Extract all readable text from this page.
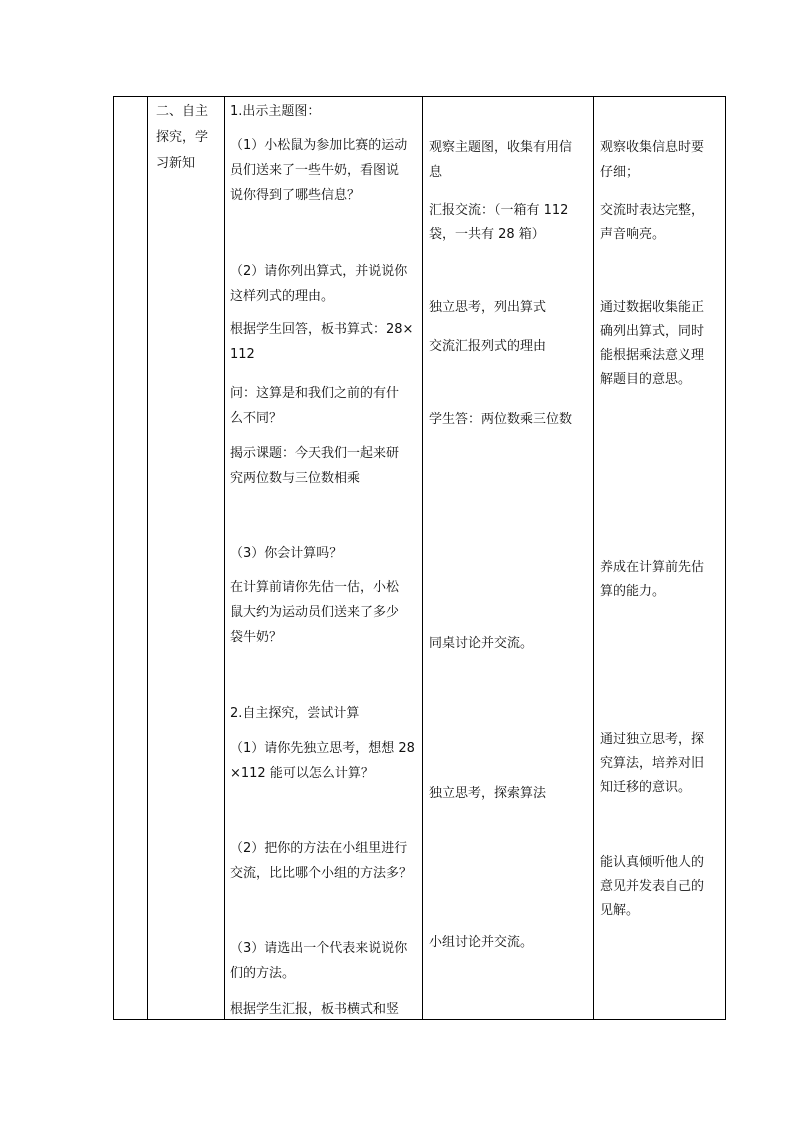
二、自主
探究，学
习新知
1.出示主题图：
（1）小松鼠为参加比赛的运动
员们送来了一些牛奶，看图说
说你得到了哪些信息？
（2）请你列出算式，并说说你
这样列式的理由。
根据学生回答，板书算式：28×
112
问：这算是和我们之前的有什
么不同？
揭示课题：今天我们一起来研
究两位数与三位数相乘
（3）你会计算吗？
在计算前请你先估一估，小松
鼠大约为运动员们送来了多少
袋牛奶？
2.自主探究，尝试计算
（1）请你先独立思考，想想 28
×112 能可以怎么计算？
（2）把你的方法在小组里进行
交流，比比哪个小组的方法多？
（3）请选出一个代表来说说你
们的方法。
根据学生汇报，板书横式和竖
观察主题图，收集有用信
息
汇报交流：（一箱有 112
袋，一共有 28 箱）
独立思考，列出算式
交流汇报列式的理由
学生答：两位数乘三位数
同桌讨论并交流。
独立思考，探索算法
小组讨论并交流。
观察收集信息时要
仔细；
交流时表达完整，
声音响亮。
通过数据收集能正
确列出算式，同时
能根据乘法意义理
解题目的意思。
养成在计算前先估
算的能力。
通过独立思考，探
究算法，培养对旧
知迁移的意识。
能认真倾听他人的
意见并发表自己的
见解。
